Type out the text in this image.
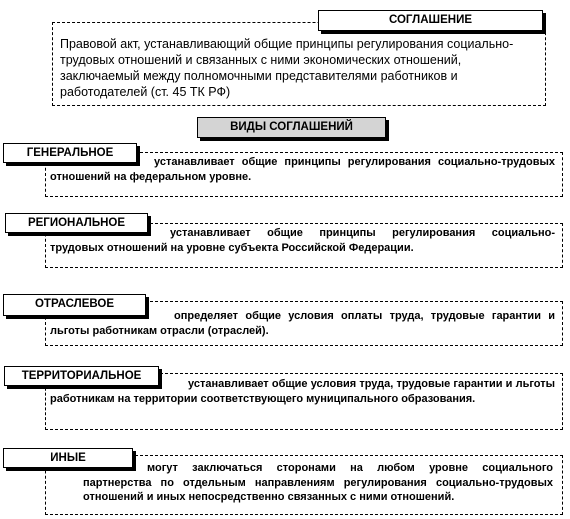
Правовой акт, устанавливающий общие принципы регулирования социально-трудовых отношений и связанных с ними экономических отношений, заключаемый между полномочными представителями работников и работодателей (ст. 45 ТК РФ)
СОГЛАШЕНИЕ
ВИДЫ СОГЛАШЕНИЙ
устанавливает общие принципы регулирования социально-трудовых отношений на федеральном уровне.
ГЕНЕРАЛЬНОЕ
устанавливает общие принципы регулирования социально-трудовых отношений на уровне субъекта Российской Федерации.
РЕГИОНАЛЬНОЕ
определяет общие условия оплаты труда, трудовые гарантии и льготы работникам отрасли (отраслей).
ОТРАСЛЕВОЕ
устанавливает общие условия труда, трудовые гарантии и льготы работникам на территории соответствующего муниципального образования.
ТЕРРИТОРИАЛЬНОЕ
могут заключаться сторонами на любом уровне социального партнерства по отдельным направлениям регулирования социально-трудовых отношений и иных непосредственно связанных с ними отношений.
ИНЫЕ
